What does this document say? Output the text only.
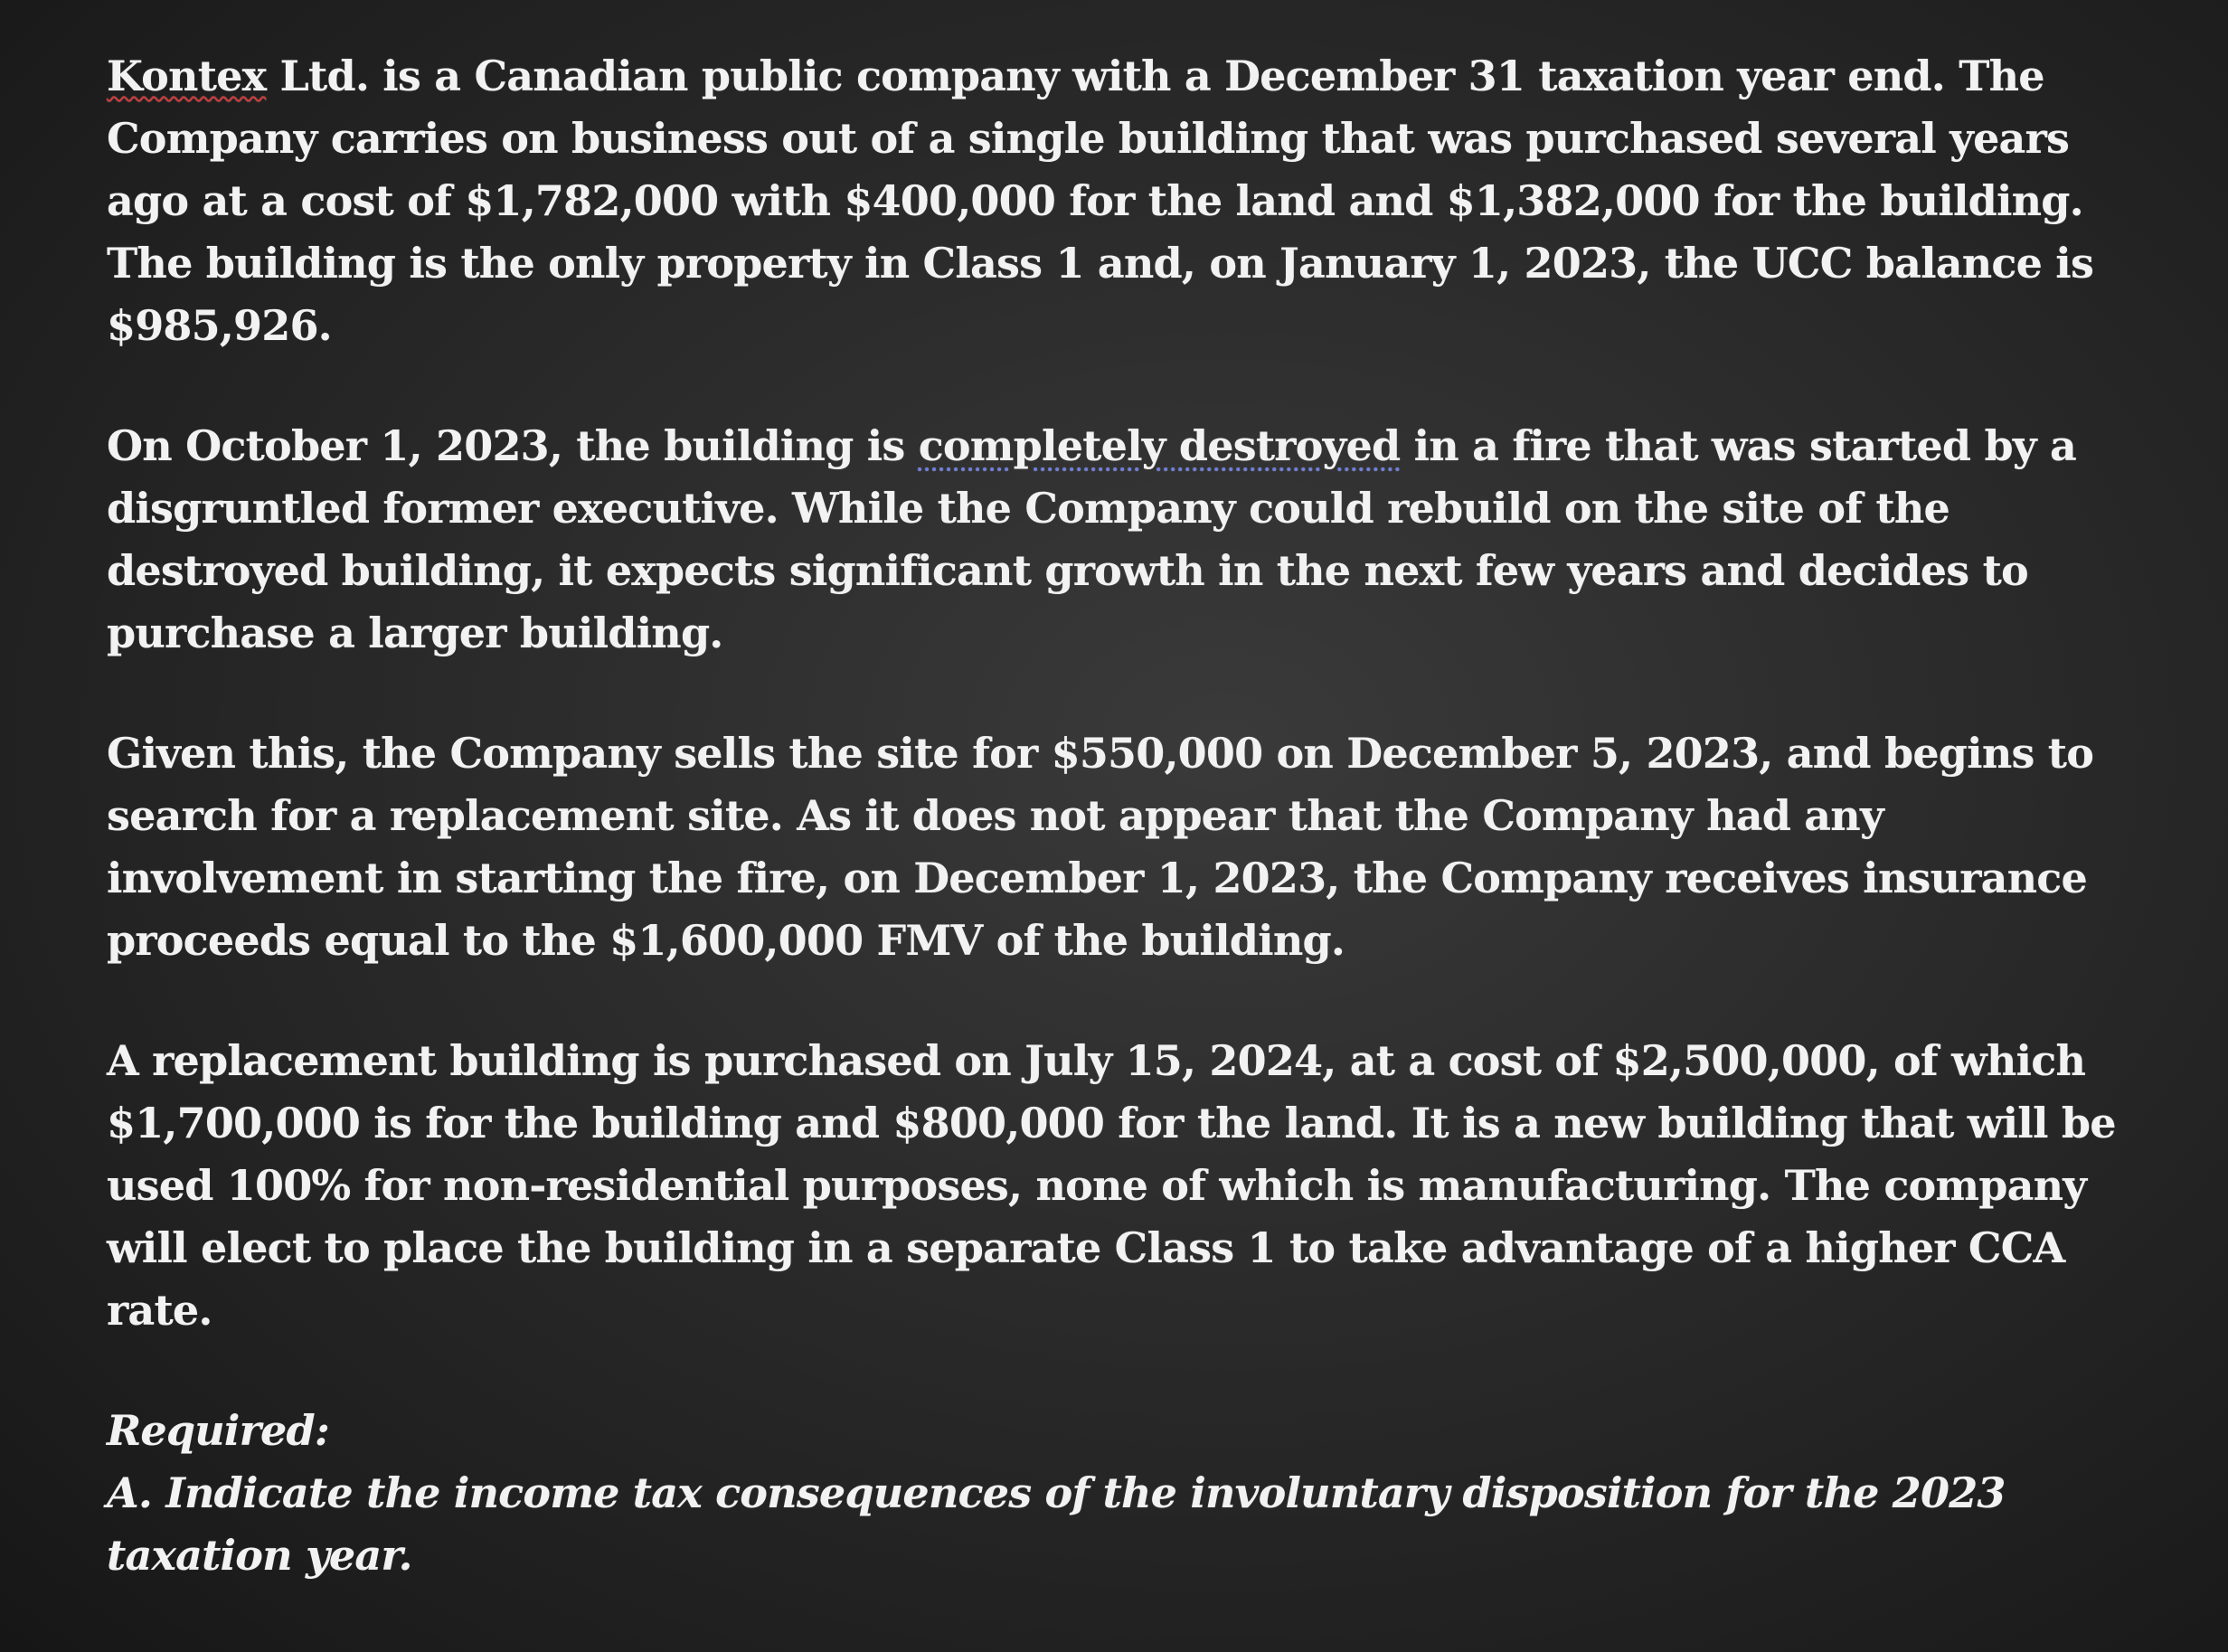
Kontex Ltd. is a Canadian public company with a December 31 taxation year end. The Company carries on business out of a single building that was purchased several years ago at a cost of $1,782,000 with $400,000 for the land and $1,382,000 for the building. The building is the only property in Class 1 and, on January 1, 2023, the UCC balance is $985,926.

On October 1, 2023, the building is completely destroyed in a fire that was started by a disgruntled former executive. While the Company could rebuild on the site of the destroyed building, it expects significant growth in the next few years and decides to purchase a larger building.

Given this, the Company sells the site for $550,000 on December 5, 2023, and begins to search for a replacement site. As it does not appear that the Company had any involvement in starting the fire, on December 1, 2023, the Company receives insurance proceeds equal to the $1,600,000 FMV of the building.

A replacement building is purchased on July 15, 2024, at a cost of $2,500,000, of which $1,700,000 is for the building and $800,000 for the land. It is a new building that will be used 100% for non-residential purposes, none of which is manufacturing. The company will elect to place the building in a separate Class 1 to take advantage of a higher CCA rate.

Required:
A. Indicate the income tax consequences of the involuntary disposition for the 2023 taxation year.
